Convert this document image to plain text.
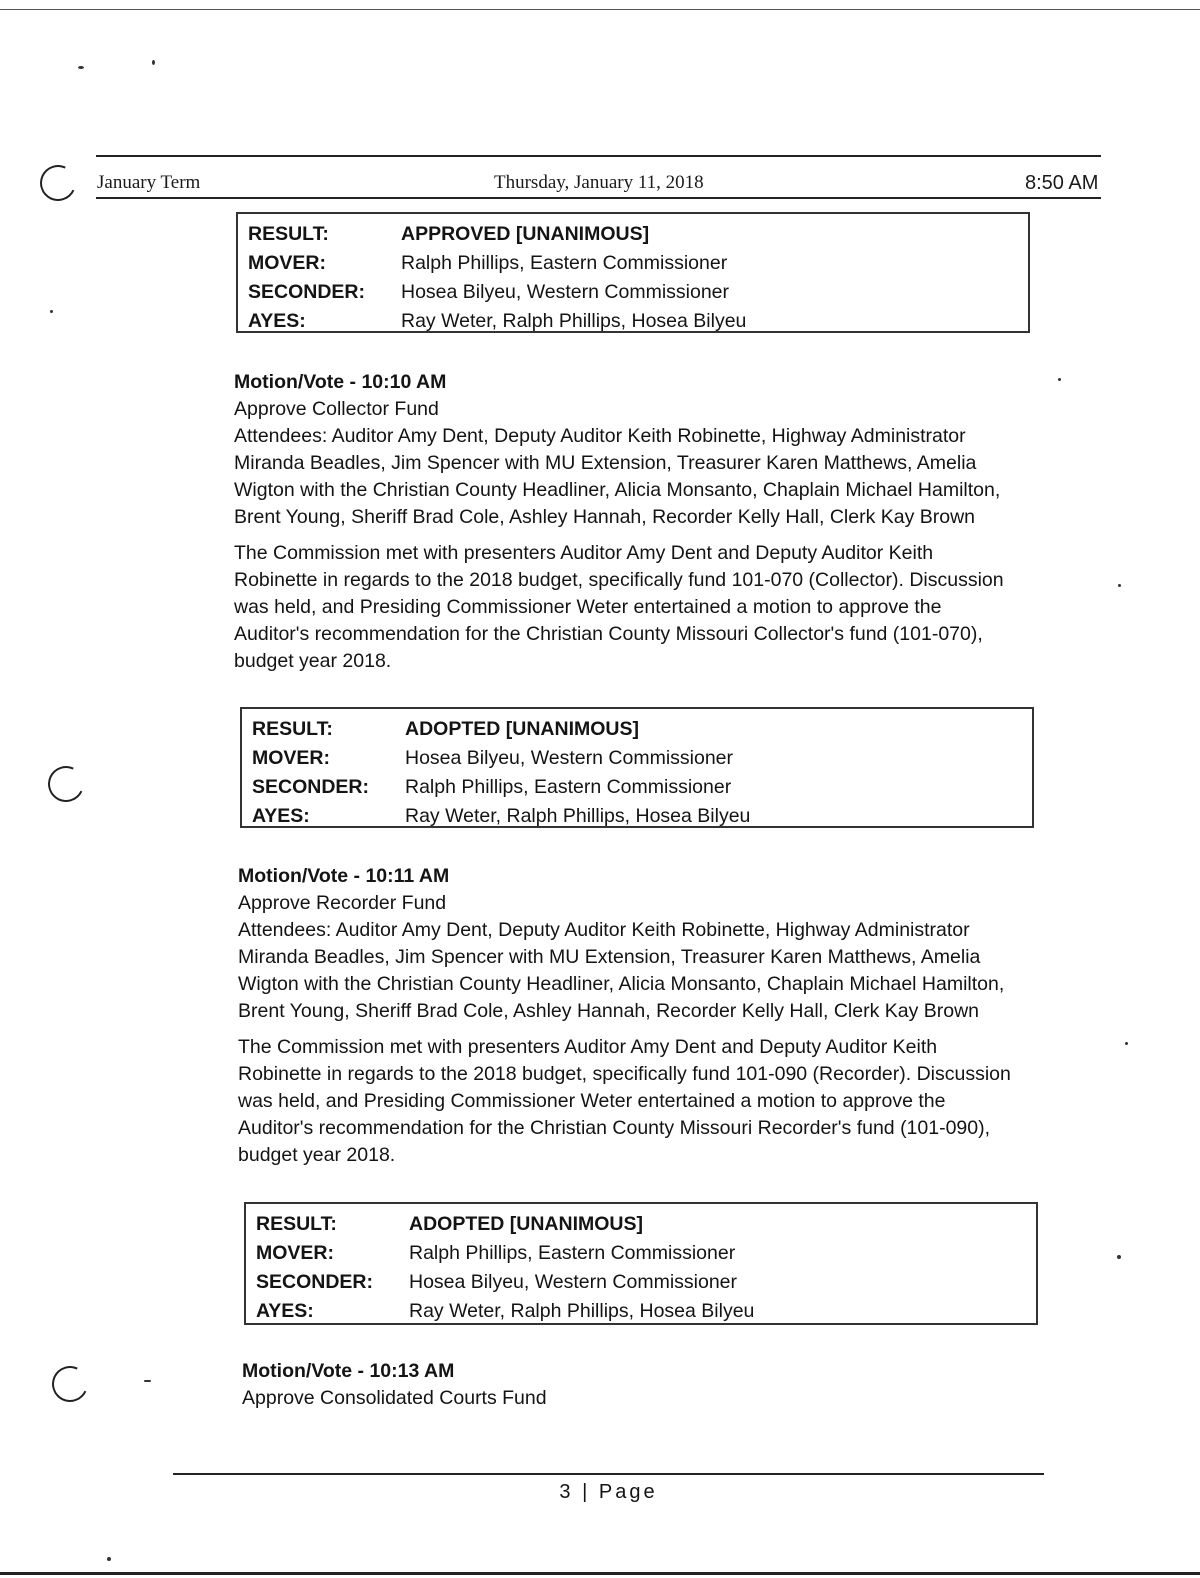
January Term	Thursday, January 11, 2018	8:50 AM
RESULT:	APPROVED [UNANIMOUS]
MOVER:	Ralph Phillips, Eastern Commissioner
SECONDER:	Hosea Bilyeu, Western Commissioner
AYES:	Ray Weter, Ralph Phillips, Hosea Bilyeu
Motion/Vote - 10:10 AM
Approve Collector Fund
Attendees: Auditor Amy Dent, Deputy Auditor Keith Robinette, Highway Administrator Miranda Beadles, Jim Spencer with MU Extension, Treasurer Karen Matthews, Amelia Wigton with the Christian County Headliner, Alicia Monsanto, Chaplain Michael Hamilton, Brent Young, Sheriff Brad Cole, Ashley Hannah, Recorder Kelly Hall, Clerk Kay Brown
The Commission met with presenters Auditor Amy Dent and Deputy Auditor Keith Robinette in regards to the 2018 budget, specifically fund 101-070 (Collector). Discussion was held, and Presiding Commissioner Weter entertained a motion to approve the Auditor's recommendation for the Christian County Missouri Collector's fund (101-070), budget year 2018.
RESULT:	ADOPTED [UNANIMOUS]
MOVER:	Hosea Bilyeu, Western Commissioner
SECONDER:	Ralph Phillips, Eastern Commissioner
AYES:	Ray Weter, Ralph Phillips, Hosea Bilyeu
Motion/Vote - 10:11 AM
Approve Recorder Fund
Attendees: Auditor Amy Dent, Deputy Auditor Keith Robinette, Highway Administrator Miranda Beadles, Jim Spencer with MU Extension, Treasurer Karen Matthews, Amelia Wigton with the Christian County Headliner, Alicia Monsanto, Chaplain Michael Hamilton, Brent Young, Sheriff Brad Cole, Ashley Hannah, Recorder Kelly Hall, Clerk Kay Brown
The Commission met with presenters Auditor Amy Dent and Deputy Auditor Keith Robinette in regards to the 2018 budget, specifically fund 101-090 (Recorder). Discussion was held, and Presiding Commissioner Weter entertained a motion to approve the Auditor's recommendation for the Christian County Missouri Recorder's fund (101-090), budget year 2018.
RESULT:	ADOPTED [UNANIMOUS]
MOVER:	Ralph Phillips, Eastern Commissioner
SECONDER:	Hosea Bilyeu, Western Commissioner
AYES:	Ray Weter, Ralph Phillips, Hosea Bilyeu
Motion/Vote - 10:13 AM
Approve Consolidated Courts Fund
3 | Page
